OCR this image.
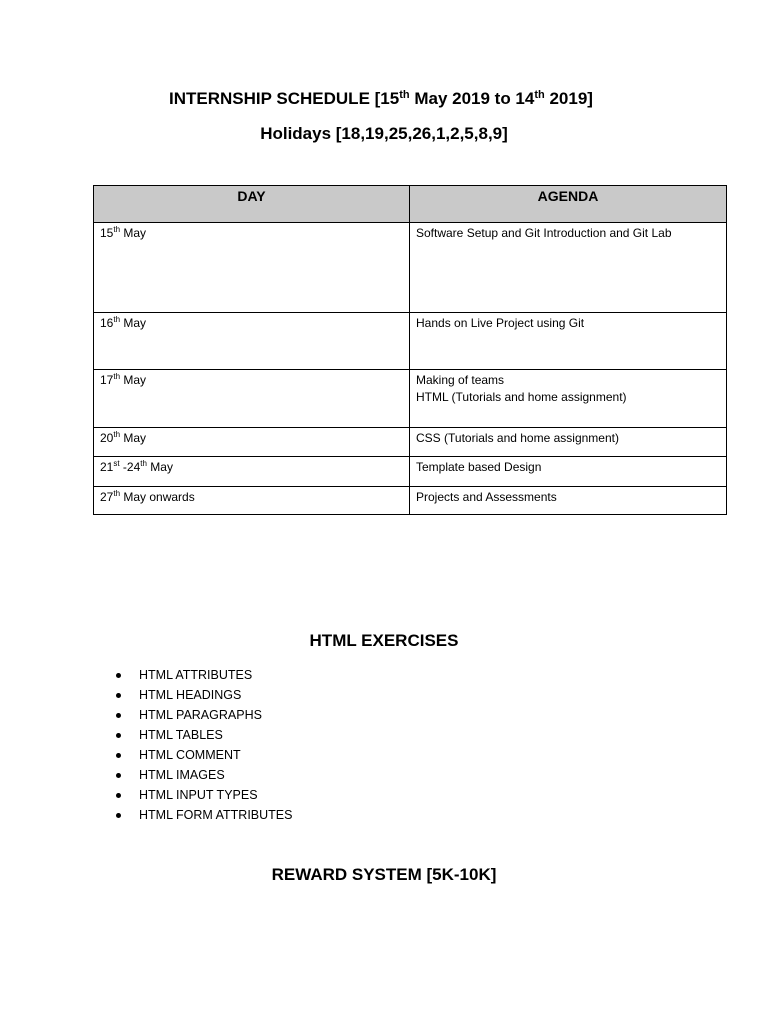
INTERNSHIP SCHEDULE [15th May 2019 to 14th 2019]

Holidays [18,19,25,26,1,2,5,8,9]

DAY	AGENDA
15th May	Software Setup and Git Introduction and Git Lab

16th May	Hands on Live Project using Git

17th May	Making of teams
HTML (Tutorials and home assignment)

20th May	CSS (Tutorials and home assignment)

21st -24th May	Template based Design

27th May onwards	Projects and Assessments

HTML EXERCISES

HTML ATTRIBUTES
HTML HEADINGS
HTML PARAGRAPHS
HTML TABLES
HTML COMMENT
HTML IMAGES
HTML INPUT TYPES
HTML FORM ATTRIBUTES

REWARD SYSTEM [5K-10K]
